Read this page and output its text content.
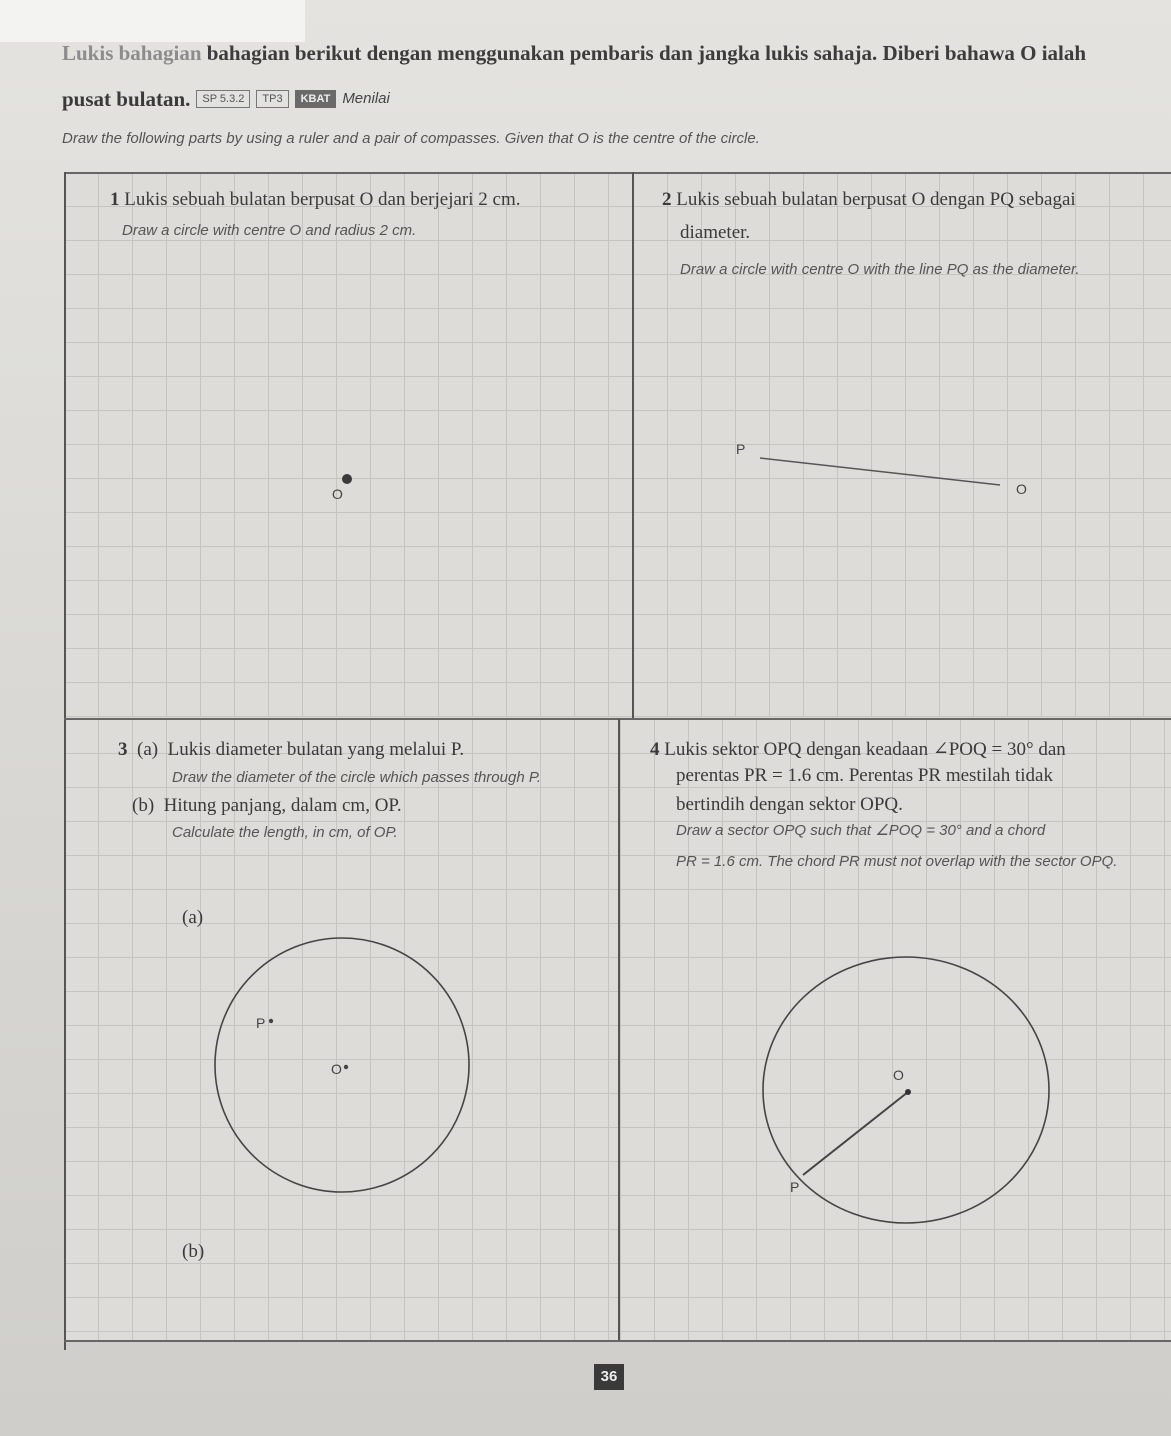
Lukis bahagian bahagian berikut dengan menggunakan pembaris dan jangka lukis sahaja. Diberi bahawa O ialah
pusat bulatan.	SP 5.3.2	TP3	KBAT Menilai
Draw the following parts by using a ruler and a pair of compasses. Given that O is the centre of the circle.
1 Lukis sebuah bulatan berpusat O dan berjejari 2 cm.
Draw a circle with centre O and radius 2 cm.
2 Lukis sebuah bulatan berpusat O dengan PQ sebagai
diameter.
Draw a circle with centre O with the line PQ as the diameter.
3 (a) Lukis diameter bulatan yang melalui P.
Draw the diameter of the circle which passes through P.
(b) Hitung panjang, dalam cm, OP.
Calculate the length, in cm, of OP.
(a)
(b)
4 Lukis sektor OPQ dengan keadaan ∠POQ = 30° dan
perentas PR = 1.6 cm. Perentas PR mestilah tidak
bertindih dengan sektor OPQ.
Draw a sector OPQ such that ∠POQ = 30° and a chord
PR = 1.6 cm. The chord PR must not overlap with the sector OPQ.
O
P
O
P
O	O
P
36
